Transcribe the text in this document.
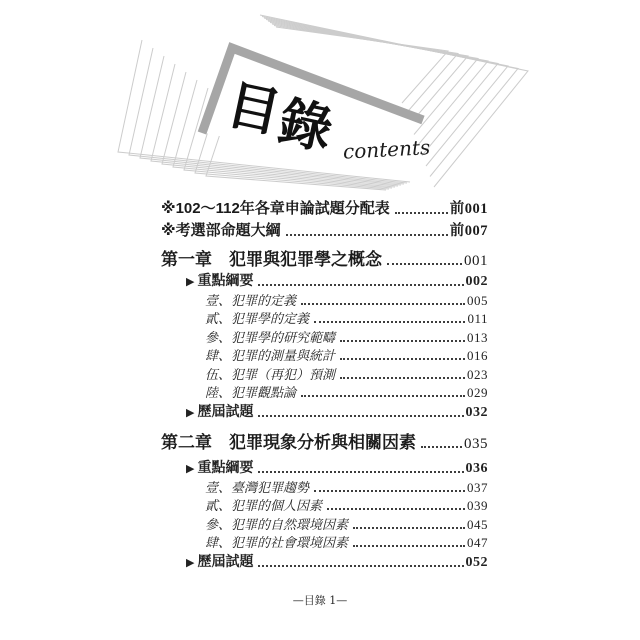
目
錄 contents
※102～112年各章申論試題分配表	前001
※考選部命題大綱	前007
第一章　犯罪與犯罪學之概念	001
▶ 重點綱要	002
壹、犯罪的定義	005
貳、犯罪學的定義	011
參、犯罪學的研究範疇	013
肆、犯罪的測量與統計	016
伍、犯罪（再犯）預測	023
陸、犯罪觀點論	029
▶ 歷屆試題	032
第二章　犯罪現象分析與相關因素	035
▶ 重點綱要	036
壹、臺灣犯罪趨勢	037
貳、犯罪的個人因素	039
參、犯罪的自然環境因素	045
肆、犯罪的社會環境因素	047
▶ 歷屆試題	052
—目錄 1—
